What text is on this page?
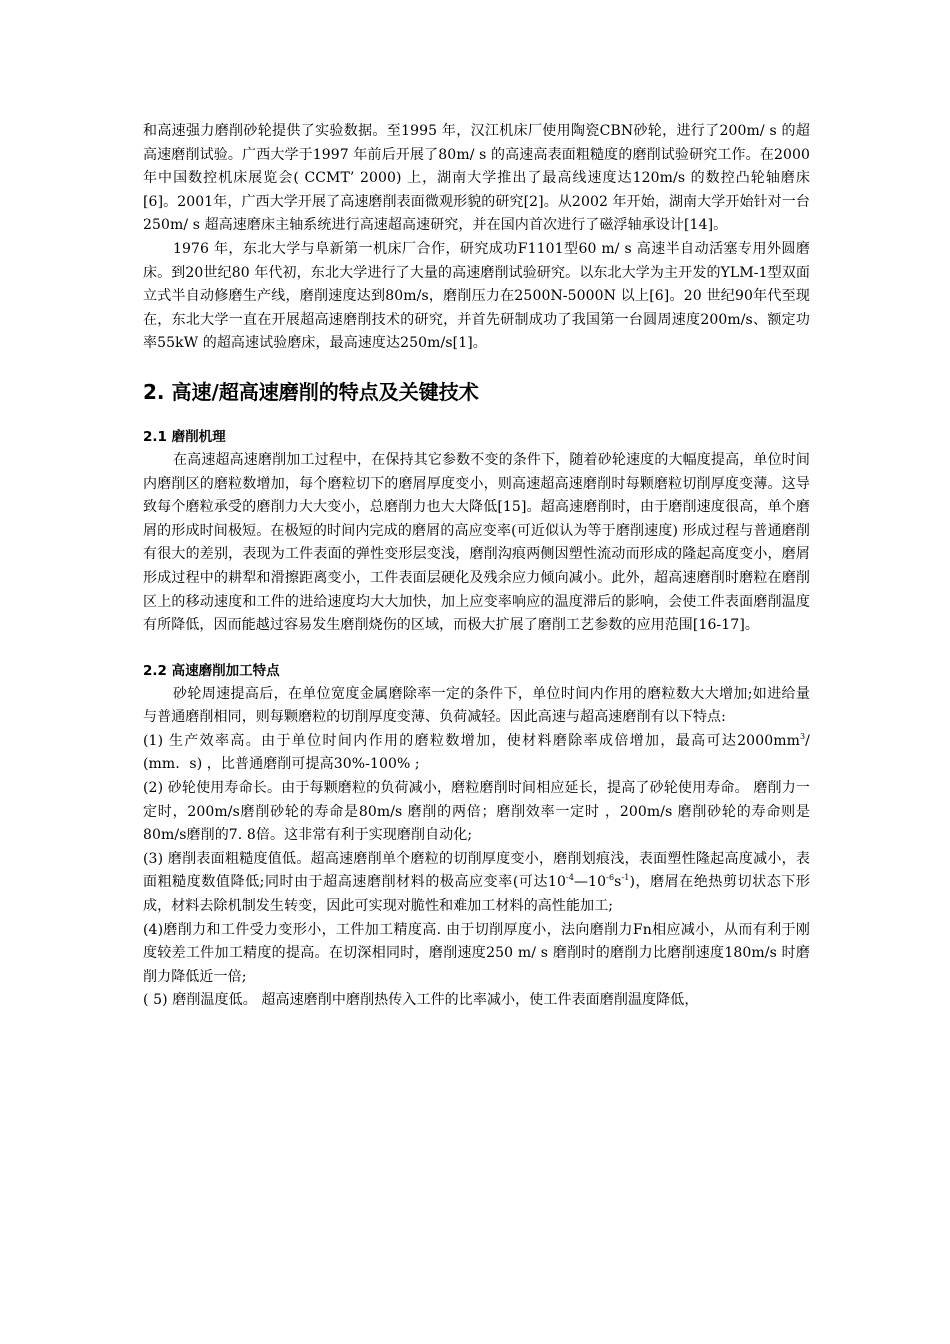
和高速强力磨削砂轮提供了实验数据。至1995 年，汉江机床厂使用陶瓷CBN砂轮，进行了200m/ s 的超高速磨削试验。广西大学于1997 年前后开展了80m/ s 的高速高表面粗糙度的磨削试验研究工作。在2000年中国数控机床展览会( CCMT’ 2000) 上，湖南大学推出了最高线速度达120m/s 的数控凸轮轴磨床[6]。2001年，广西大学开展了高速磨削表面微观形貌的研究[2]。从2002 年开始，湖南大学开始针对一台250m/ s 超高速磨床主轴系统进行高速超高速研究，并在国内首次进行了磁浮轴承设计[14]。

1976 年，东北大学与阜新第一机床厂合作，研究成功F1101型60 m/ s 高速半自动活塞专用外圆磨床。到20世纪80 年代初，东北大学进行了大量的高速磨削试验研究。以东北大学为主开发的YLM-1型双面立式半自动修磨生产线，磨削速度达到80m/s，磨削压力在2500N-5000N 以上[6]。20 世纪90年代至现在，东北大学一直在开展超高速磨削技术的研究，并首先研制成功了我国第一台圆周速度200m/s、额定功率55kW 的超高速试验磨床，最高速度达250m/s[1]。

2. 高速/超高速磨削的特点及关键技术
2.1 磨削机理

在高速超高速磨削加工过程中，在保持其它参数不变的条件下，随着砂轮速度的大幅度提高，单位时间内磨削区的磨粒数增加，每个磨粒切下的磨屑厚度变小，则高速超高速磨削时每颗磨粒切削厚度变薄。这导致每个磨粒承受的磨削力大大变小，总磨削力也大大降低[15]。超高速磨削时，由于磨削速度很高，单个磨屑的形成时间极短。在极短的时间内完成的磨屑的高应变率(可近似认为等于磨削速度) 形成过程与普通磨削有很大的差别，表现为工件表面的弹性变形层变浅，磨削沟痕两侧因塑性流动而形成的隆起高度变小，磨屑形成过程中的耕犁和滑擦距离变小，工件表面层硬化及残余应力倾向减小。此外，超高速磨削时磨粒在磨削区上的移动速度和工件的进给速度均大大加快，加上应变率响应的温度滞后的影响，会使工件表面磨削温度有所降低，因而能越过容易发生磨削烧伤的区域，而极大扩展了磨削工艺参数的应用范围[16-17]。

2.2 高速磨削加工特点

砂轮周速提高后，在单位宽度金属磨除率一定的条件下，单位时间内作用的磨粒数大大增加;如进给量与普通磨削相同，则每颗磨粒的切削厚度变薄、负荷减轻。因此高速与超高速磨削有以下特点:

(1) 生产效率高。由于单位时间内作用的磨粒数增加，使材料磨除率成倍增加，最高可达$2000mm^3/$ (mm．s) ，比普通磨削可提高30%-100% ;

(2) 砂轮使用寿命长。由于每颗磨粒的负荷减小，磨粒磨削时间相应延长，提高了砂轮使用寿命。 磨削力一定时，200m/s磨削砂轮的寿命是80m/s 磨削的两倍；磨削效率一定时 ，200m/s 磨削砂轮的寿命则是80m/s磨削的7. 8倍。这非常有利于实现磨削自动化;

(3) 磨削表面粗糙度值低。超高速磨削单个磨粒的切削厚度变小，磨削划痕浅，表面塑性隆起高度减小，表面粗糙度数值降低;同时由于超高速磨削材料的极高应变率(可达$10^{-4}—10^{-6}s^{-1}$)，磨屑在绝热剪切状态下形成，材料去除机制发生转变，因此可实现对脆性和难加工材料的高性能加工;

(4)磨削力和工件受力变形小，工件加工精度高. 由于切削厚度小，法向磨削力Fn相应减小，从而有利于刚度较差工件加工精度的提高。在切深相同时，磨削速度250 m/ s 磨削时的磨削力比磨削速度180m/s 时磨削力降低近一倍;

( 5) 磨削温度低。 超高速磨削中磨削热传入工件的比率减小，使工件表面磨削温度降低，
